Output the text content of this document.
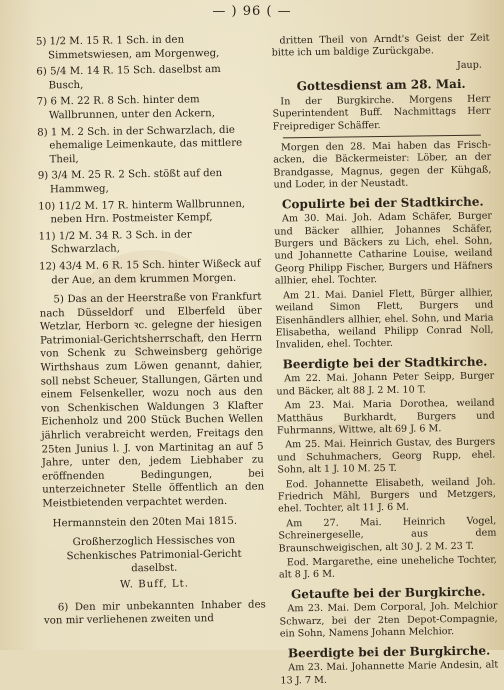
— ) 96 ( —
5) 1/2 M. 15 R. 1 Sch. in den Simmetswiesen, am Morgenweg,
6) 5/4 M. 14 R. 15 Sch. daselbst am Busch,
7) 6 M. 22 R. 8 Sch. hinter dem Wallbrunnen, unter den Ackern,
8) 1 M. 2 Sch. in der Schwarzlach, die ehemalige Leimenkaute, das mittlere Theil,
9) 3/4 M. 25 R. 2 Sch. stößt auf den Hammweg,
10) 11/2 M. 17 R. hinterm Wallbrunnen, neben Hrn. Postmeister Kempf,
11) 1/2 M. 34 R. 3 Sch. in der Schwarzlach,
12) 43/4 M. 6 R. 15 Sch. hinter Wißeck auf der Aue, an dem krummen Morgen.
5) Das an der Heerstraße von Frankfurt nach Düsseldorf und Elberfeld über Wetzlar, Herborn ꝛc. gelegne der hiesigen Patrimonial-Gerichtsherrschaft, den Herrn von Schenk zu Schweinsberg gehörige Wirthshaus zum Löwen genannt, dahier, soll nebst Scheuer, Stallungen, Gärten und einem Felsenkeller, wozu noch aus den von Schenkischen Waldungen 3 Klafter Eichenholz und 200 Stück Buchen Wellen jährlich verabreicht werden, Freitags den 25ten Junius l. J. von Martinitag an auf 5 Jahre, unter den, jedem Liebhaber zu eröffnenden Bedingungen, bei unterzeichneter Stelle öffentlich an den Meistbietenden verpachtet werden.
Hermannstein den 20ten Mai 1815.
Großherzoglich Hessisches von Schenkisches Patrimonial-Gericht daselbst.
W. Buff, Lt.
6) Den mir unbekannten Inhaber des von mir verliehenen zweiten und
dritten Theil von Arndt's Geist der Zeit bitte ich um baldige Zurückgabe.
Jaup.
Gottesdienst am 28. Mai.
In der Burgkirche. Morgens Herr Superintendent Buff. Nachmittags Herr Freiprediger Schäffer.
Morgen den 28. Mai haben das Frisch-acken, die Bäckermeister: Löber, an der Brandgasse, Magnus, gegen der Kühgaß, und Loder, in der Neustadt.
Copulirte bei der Stadtkirche.
Am 30. Mai. Joh. Adam Schäfer, Burger und Bäcker allhier, Johannes Schäfer, Burgers und Bäckers zu Lich, ehel. Sohn, und Johannette Catharine Louise, weiland Georg Philipp Fischer, Burgers und Häfners allhier, ehel. Tochter.
Am 21. Mai. Daniel Flett, Bürger allhier, weiland Simon Flett, Burgers und Eisenhändlers allhier, ehel. Sohn, und Maria Elisabetha, weiland Philipp Conrad Noll, Invaliden, ehel. Tochter.
Beerdigte bei der Stadtkirche.
Am 22. Mai. Johann Peter Seipp, Burger und Bäcker, alt 88 J. 2 M. 10 T.
Am 23. Mai. Maria Dorothea, weiland Matthäus Burkhardt, Burgers und Fuhrmanns, Wittwe, alt 69 J. 6 M.
Am 25. Mai. Heinrich Gustav, des Burgers und Schuhmachers, Georg Rupp, ehel. Sohn, alt 1 J. 10 M. 25 T.
Eod. Johannette Elisabeth, weiland Joh. Friedrich Mähl, Burgers und Metzgers, ehel. Tochter, alt 11 J. 6 M.
Am 27. Mai. Heinrich Vogel, Schreinergeselle, aus dem Braunschweigischen, alt 30 J. 2 M. 23 T.
Eod. Margarethe, eine uneheliche Tochter, alt 8 J. 6 M.
Getaufte bei der Burgkirche.
Am 23. Mai. Dem Corporal, Joh. Melchior Schwarz, bei der 2ten Depot-Compagnie, ein Sohn, Namens Johann Melchior.
Beerdigte bei der Burgkirche.
Am 23. Mai. Johannette Marie Andesin, alt 13 J. 7 M.
